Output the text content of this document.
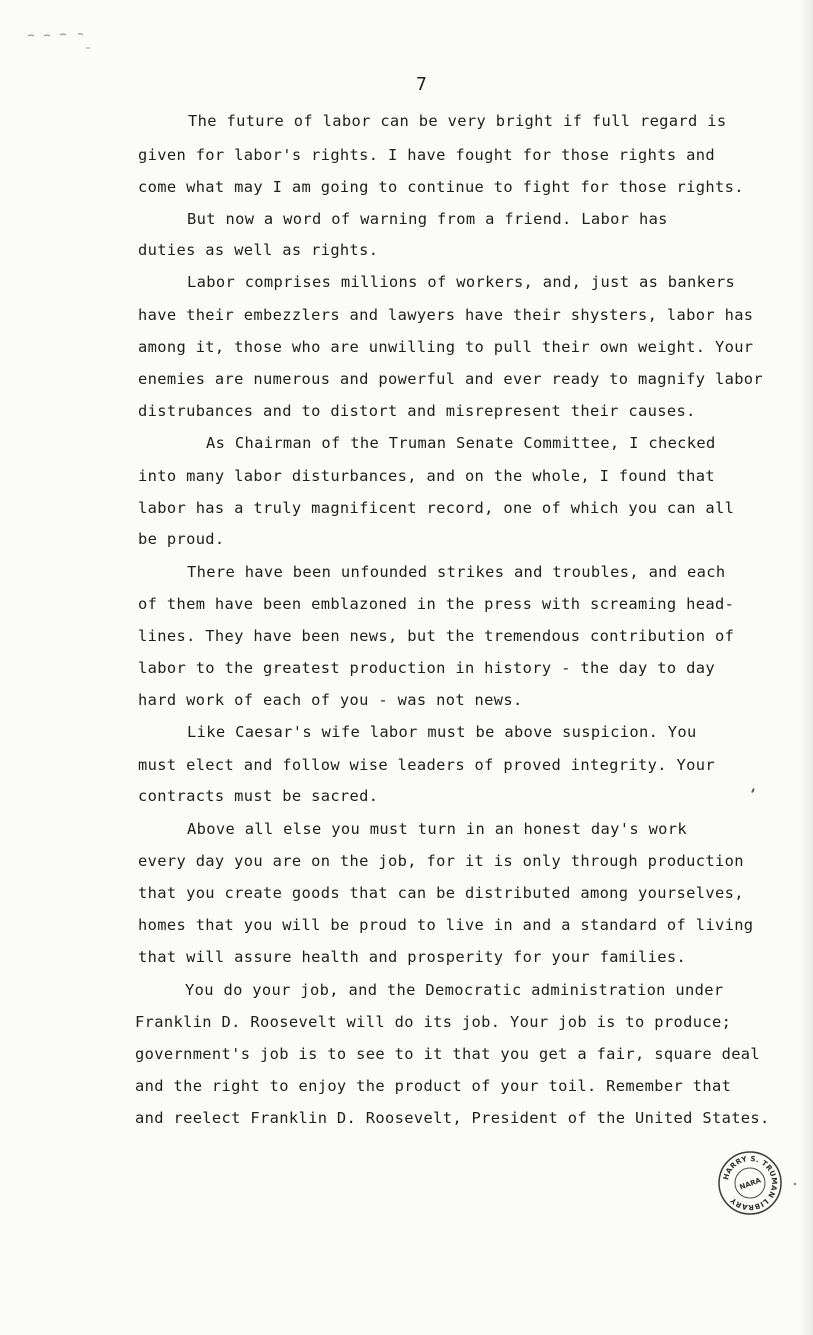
7

The future of labor can be very bright if full regard is

given for labor's rights. I have fought for those rights and

come what may I am going to continue to fight for those rights.

But now a word of warning from a friend. Labor has

duties as well as rights.

Labor comprises millions of workers, and, just as bankers

have their embezzlers and lawyers have their shysters, labor has

among it, those who are unwilling to pull their own weight. Your

enemies are numerous and powerful and ever ready to magnify labor

distrubances and to distort and misrepresent their causes.

As Chairman of the Truman Senate Committee, I checked

into many labor disturbances, and on the whole, I found that

labor has a truly magnificent record, one of which you can all

be proud.

There have been unfounded strikes and troubles, and each

of them have been emblazoned in the press with screaming head-

lines. They have been news, but the tremendous contribution of

labor to the greatest production in history - the day to day

hard work of each of you - was not news.

Like Caesar's wife labor must be above suspicion. You

must elect and follow wise leaders of proved integrity. Your

contracts must be sacred.

Above all else you must turn in an honest day's work

every day you are on the job, for it is only through production

that you create goods that can be distributed among yourselves,

homes that you will be proud to live in and a standard of living

that will assure health and prosperity for your families.

You do your job, and the Democratic administration under

Franklin D. Roosevelt will do its job. Your job is to produce;

government's job is to see to it that you get a fair, square deal

and the right to enjoy the product of your toil. Remember that

and reelect Franklin D. Roosevelt, President of the United States.

HARRY S. TRUMAN LIBRARY
NARA
